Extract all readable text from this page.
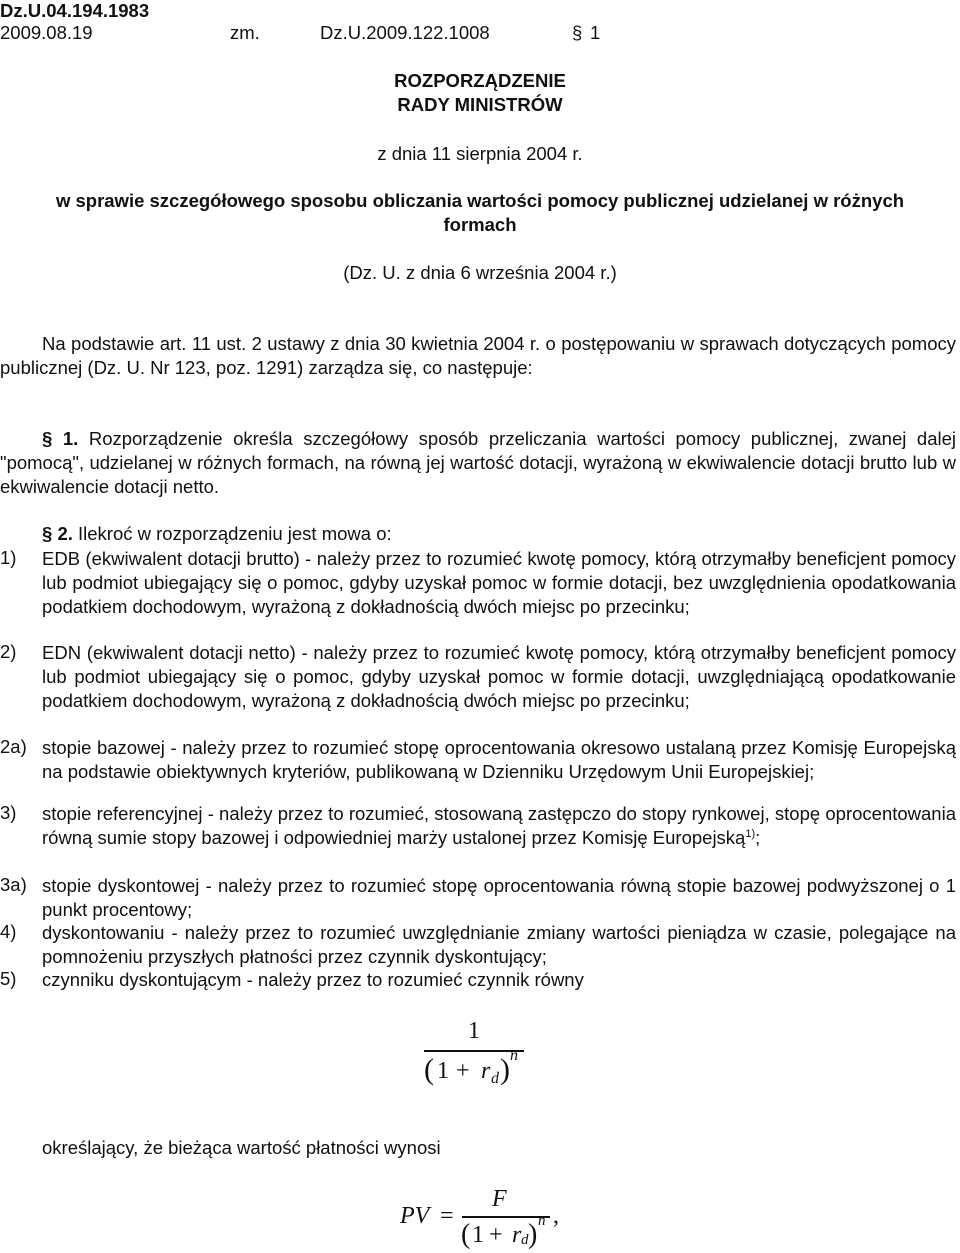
Dz.U.04.194.1983
2009.08.19	zm.	Dz.U.2009.122.1008	§ 1
ROZPORZĄDZENIE
RADY MINISTRÓW
z dnia 11 sierpnia 2004 r.
w sprawie szczegółowego sposobu obliczania wartości pomocy publicznej udzielanej w różnych
formach
(Dz. U. z dnia 6 września 2004 r.)
Na podstawie art. 11 ust. 2 ustawy z dnia 30 kwietnia 2004 r. o postępowaniu w sprawach dotyczących pomocy publicznej (Dz. U. Nr 123, poz. 1291) zarządza się, co następuje:
§ 1. Rozporządzenie określa szczegółowy sposób przeliczania wartości pomocy publicznej, zwanej dalej "pomocą", udzielanej w różnych formach, na równą jej wartość dotacji, wyrażoną w ekwiwalencie dotacji brutto lub w ekwiwalencie dotacji netto.
§ 2. Ilekroć w rozporządzeniu jest mowa o:
1) EDB (ekwiwalent dotacji brutto) - należy przez to rozumieć kwotę pomocy, którą otrzymałby beneficjent pomocy lub podmiot ubiegający się o pomoc, gdyby uzyskał pomoc w formie dotacji, bez uwzględnienia opodatkowania podatkiem dochodowym, wyrażoną z dokładnością dwóch miejsc po przecinku;
2) EDN (ekwiwalent dotacji netto) - należy przez to rozumieć kwotę pomocy, którą otrzymałby beneficjent pomocy lub podmiot ubiegający się o pomoc, gdyby uzyskał pomoc w formie dotacji, uwzględniającą opodatkowanie podatkiem dochodowym, wyrażoną z dokładnością dwóch miejsc po przecinku;
2a) stopie bazowej - należy przez to rozumieć stopę oprocentowania okresowo ustalaną przez Komisję Europejską na podstawie obiektywnych kryteriów, publikowaną w Dzienniku Urzędowym Unii Europejskiej;
3) stopie referencyjnej - należy przez to rozumieć, stosowaną zastępczo do stopy rynkowej, stopę oprocentowania równą sumie stopy bazowej i odpowiedniej marży ustalonej przez Komisję Europejską$^{1)}$;
3a) stopie dyskontowej - należy przez to rozumieć stopę oprocentowania równą stopie bazowej podwyższonej o 1 punkt procentowy;
4) dyskontowaniu - należy przez to rozumieć uwzględnianie zmiany wartości pieniądza w czasie, polegające na pomnożeniu przyszłych płatności przez czynnik dyskontujący;
5) czynniku dyskontującym - należy przez to rozumieć czynnik równy
1
( 1 + r d ) n
określający, że bieżąca wartość płatności wynosi
PV =
F
( 1 + r d ) n ,
